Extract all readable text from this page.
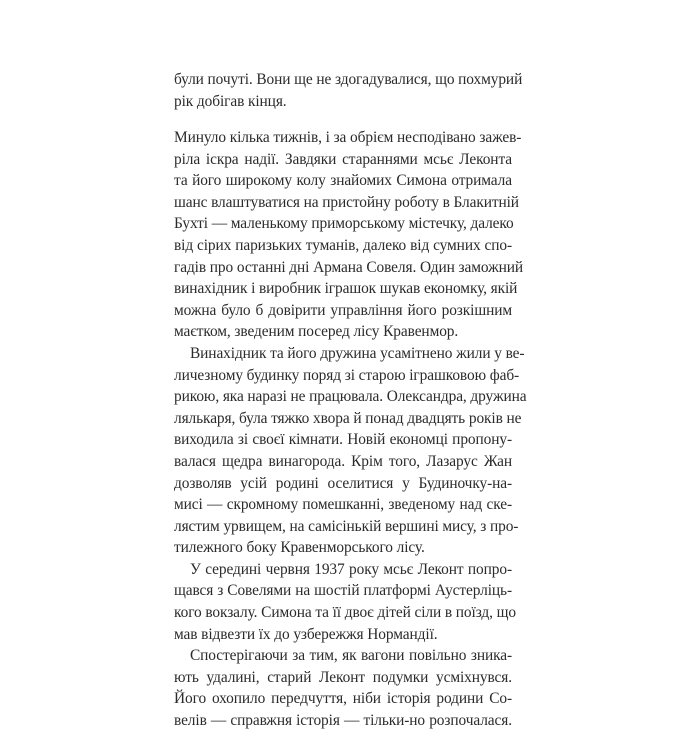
були почуті. Вони ще не здогадувалися, що похмурий
рік добігав кінця.
Минуло кілька тижнів, і за обрієм несподівано зажев-
ріла іскра надії. Завдяки стараннями мсьє Леконта
та його широкому колу знайомих Симона отримала
шанс влаштуватися на пристойну роботу в Блакитній
Бухті — маленькому приморському містечку, далеко
від сірих паризьких туманів, далеко від сумних спо-
гадів про останні дні Армана Совеля. Один заможний
винахідник і виробник іграшок шукав економку, якій
можна було б довірити управління його розкішним
маєтком, зведеним посеред лісу Кравенмор.
Винахідник та його дружина усамітнено жили у ве-
личезному будинку поряд зі старою іграшковою фаб-
рикою, яка наразі не працювала. Олександра, дружина
лялькаря, була тяжко хвора й понад двадцять років не
виходила зі своєї кімнати. Новій економці пропону-
валася щедра винагорода. Крім того, Лазарус Жан
дозволяв усій родині оселитися у Будиночку-на-
мисі — скромному помешканні, зведеному над ске-
лястим урвищем, на самісінькій вершині мису, з про-
тилежного боку Кравенморського лісу.
У середині червня 1937 року мсьє Леконт попро-
щався з Совелями на шостій платформі Аустерліць-
кого вокзалу. Симона та її двоє дітей сіли в поїзд, що
мав відвезти їх до узбережжя Нормандії.
Спостерігаючи за тим, як вагони повільно зника-
ють удалині, старий Леконт подумки усміхнувся.
Його охопило передчуття, ніби історія родини Со-
велів — справжня історія — тільки-но розпочалася.
